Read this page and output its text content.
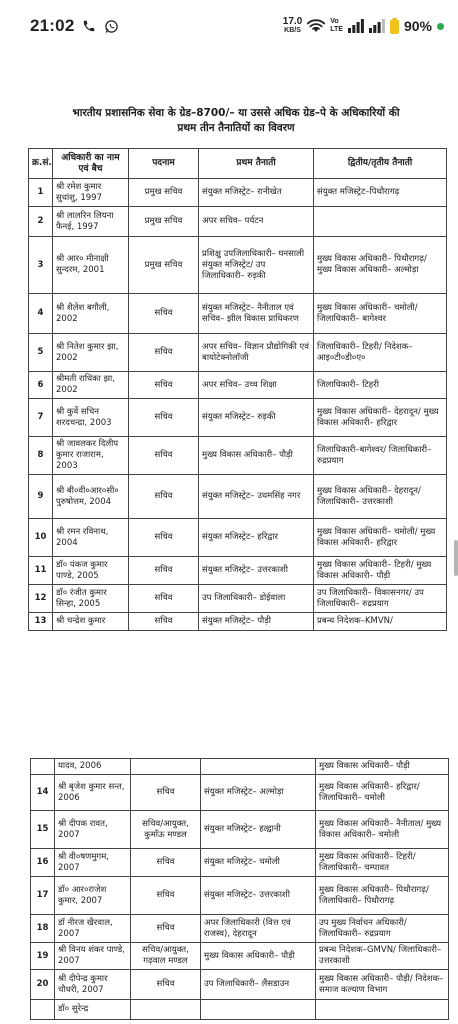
21:02	17.0
KB/S
Vo
LTE	90%
भारतीय प्रशासनिक सेवा के ग्रेड–8700/– या उससे अधिक ग्रेड–पे के अधिकारियों की
प्रथम तीन तैनातियों का विवरण
क्र.सं.	अधिकारी का नाम एवं बैच	पदनाम	प्रथम तैनाती	द्वितीय/तृतीय तैनाती
1	श्री रमेश कुमार सुधांशु, 1997	प्रमुख सचिव	संयुक्त मजिस्ट्रेट– रानीखेत	संयुक्त मजिस्ट्रेट–पिथौरागढ़
2	श्री लालरिन लियना फैनई, 1997	प्रमुख सचिव	अपर सचिव– पर्यटन	
3	श्री आर० मीनाक्षी सुन्दरम, 2001	प्रमुख सचिव	प्रशिक्षु उपजिलाधिकारी– घनसाली संयुक्त मजिस्ट्रेट/ उप जिलाधिकारी– रुड़की	मुख्य विकास अधिकारी– पिथौरागढ़/ मुख्य विकास अधिकारी– अल्मोड़ा
4	श्री शैलेश बगौली, 2002	सचिव	संयुक्त मजिस्ट्रेट– नैनीताल एवं सचिव– झील विकास प्राधिकरण	मुख्य विकास अधिकारी– चमोली/ जिलाधिकारी– बागेश्वर
5	श्री नितेश कुमार झा, 2002	सचिव	अपर सचिव– विज्ञान प्रौद्योगिकी एवं बायोटेक्नोलॉजी	जिलाधिकारी– टिहरी/ निदेशक– आइ०टी०डी०ए०
6	श्रीमती राधिका झा, 2002	सचिव	अपर सचिव– उच्च शिक्षा	जिलाधिकारी– टिहरी
7	श्री कुर्वे सचिन शरदचन्द्रा, 2003	सचिव	संयुक्त मजिस्ट्रेट– रुड़की	मुख्य विकास अधिकारी– देहरादून/ मुख्य विकास अधिकारी– हरिद्वार
8	श्री जावलकर दिलीप कुमार राजाराम, 2003	सचिव	मुख्य विकास अधिकारी– पौड़ी	जिलाधिकारी–बागेश्वर/ जिलाधिकारी– रुद्रप्रयाग
9	श्री बी०वी०आर०सी० पुरुषोत्तम, 2004	सचिव	संयुक्त मजिस्ट्रेट– उधमसिंह नगर	मुख्य विकास अधिकारी– देहरादून/ जिलाधिकारी– उत्तरकाशी
10	श्री रमन रविनाथ, 2004	सचिव	संयुक्त मजिस्ट्रेट– हरिद्वार	मुख्य विकास अधिकारी– चमोली/ मुख्य विकास अधिकारी– हरिद्वार
11	डॉ० पंकज कुमार पाण्डे, 2005	सचिव	संयुक्त मजिस्ट्रेट– उत्तरकाशी	मुख्य विकास अधिकारी– टिहरी/ मुख्य विकास अधिकारी– पौड़ी
12	डॉ० रंजीत कुमार सिन्हा, 2005	सचिव	उप जिलाधिकारी– डोईवाला	उप जिलाधिकारी– विकासनगर/ उप जिलाधिकारी– रुद्रप्रयाग
13	श्री चन्द्रेश कुमार	सचिव	संयुक्त मजिस्ट्रेट– पौड़ी	प्रबन्ध निदेशक–KMVN/
	यादव, 2006			मुख्य विकास अधिकारी– पौड़ी
14	श्री बृजेश कुमार सन्त, 2006	सचिव	संयुक्त मजिस्ट्रेट– अल्मोड़ा	मुख्य विकास अधिकारी– हरिद्वार/ जिलाधिकारी– चमोली
15	श्री दीपक रावत, 2007	सचिव/आयुक्त, कुमाँऊ मण्डल	संयुक्त मजिस्ट्रेट– हल्द्वानी	मुख्य विकास अधिकारी– नैनीताल/ मुख्य विकास अधिकारी– चमोली
16	श्री वी०षणमुगम, 2007	सचिव	संयुक्त मजिस्ट्रेट– चमोली	मुख्य विकास अधिकारी– टिहरी/ जिलाधिकारी– चम्पावत
17	डॉ० आर०राजेश कुमार, 2007	सचिव	संयुक्त मजिस्ट्रेट– उत्तरकाशी	मुख्य विकास अधिकारी– पिथौरागढ़/ जिलाधिकारी– पिथौरागढ़
18	डॉ नीरज खैरवाल, 2007	सचिव	अपर जिलाधिकारी (वित्त एवं राजस्व), देहरादून	उप मुख्य निर्वाचन अधिकारी/ जिलाधिकारी– रुद्रप्रयाग
19	श्री विनय शंकर पाण्डे, 2007	सचिव/आयुक्त, गढ़वाल मण्डल	मुख्य विकास अधिकारी– पौड़ी	प्रबन्ध निदेशक–GMVN/ जिलाधिकारी– उत्तरकाशी
20	श्री दीपेन्द्र कुमार चौधरी, 2007	सचिव	उप जिलाधिकारी– लैंसडाउन	मुख्य विकास अधिकारी– पौड़ी/ निदेशक– समाज कल्याण विभाग
	डॉ० सुरेन्द्र			
